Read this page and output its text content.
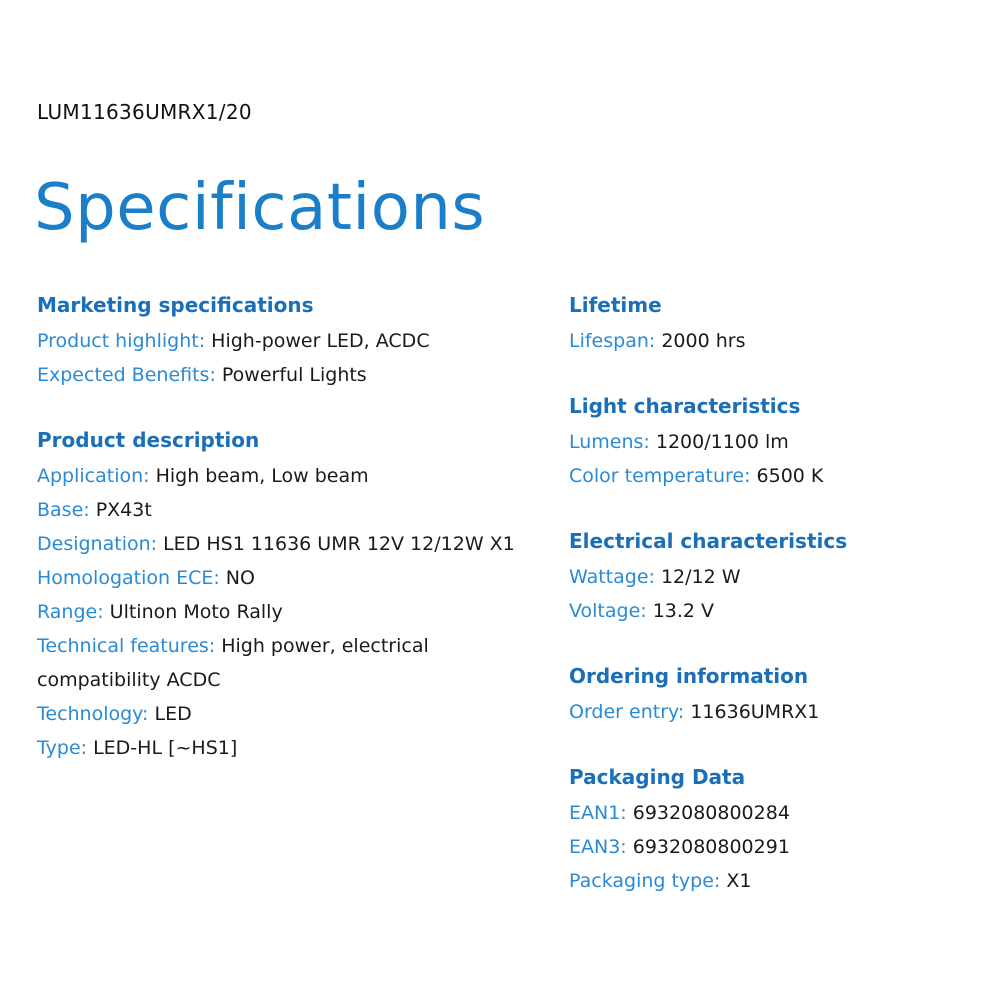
LUM11636UMRX1/20
Specifications
Marketing specifications
Product highlight: High-power LED, ACDC
Expected Benefits: Powerful Lights
Product description
Application: High beam, Low beam
Base: PX43t
Designation: LED HS1 11636 UMR 12V 12/12W X1
Homologation ECE: NO
Range: Ultinon Moto Rally
Technical features: High power, electrical compatibility ACDC
Technology: LED
Type: LED-HL [~HS1]
Lifetime
Lifespan: 2000 hrs
Light characteristics
Lumens: 1200/1100 lm
Color temperature: 6500 K
Electrical characteristics
Wattage: 12/12 W
Voltage: 13.2 V
Ordering information
Order entry: 11636UMRX1
Packaging Data
EAN1: 6932080800284
EAN3: 6932080800291
Packaging type: X1
